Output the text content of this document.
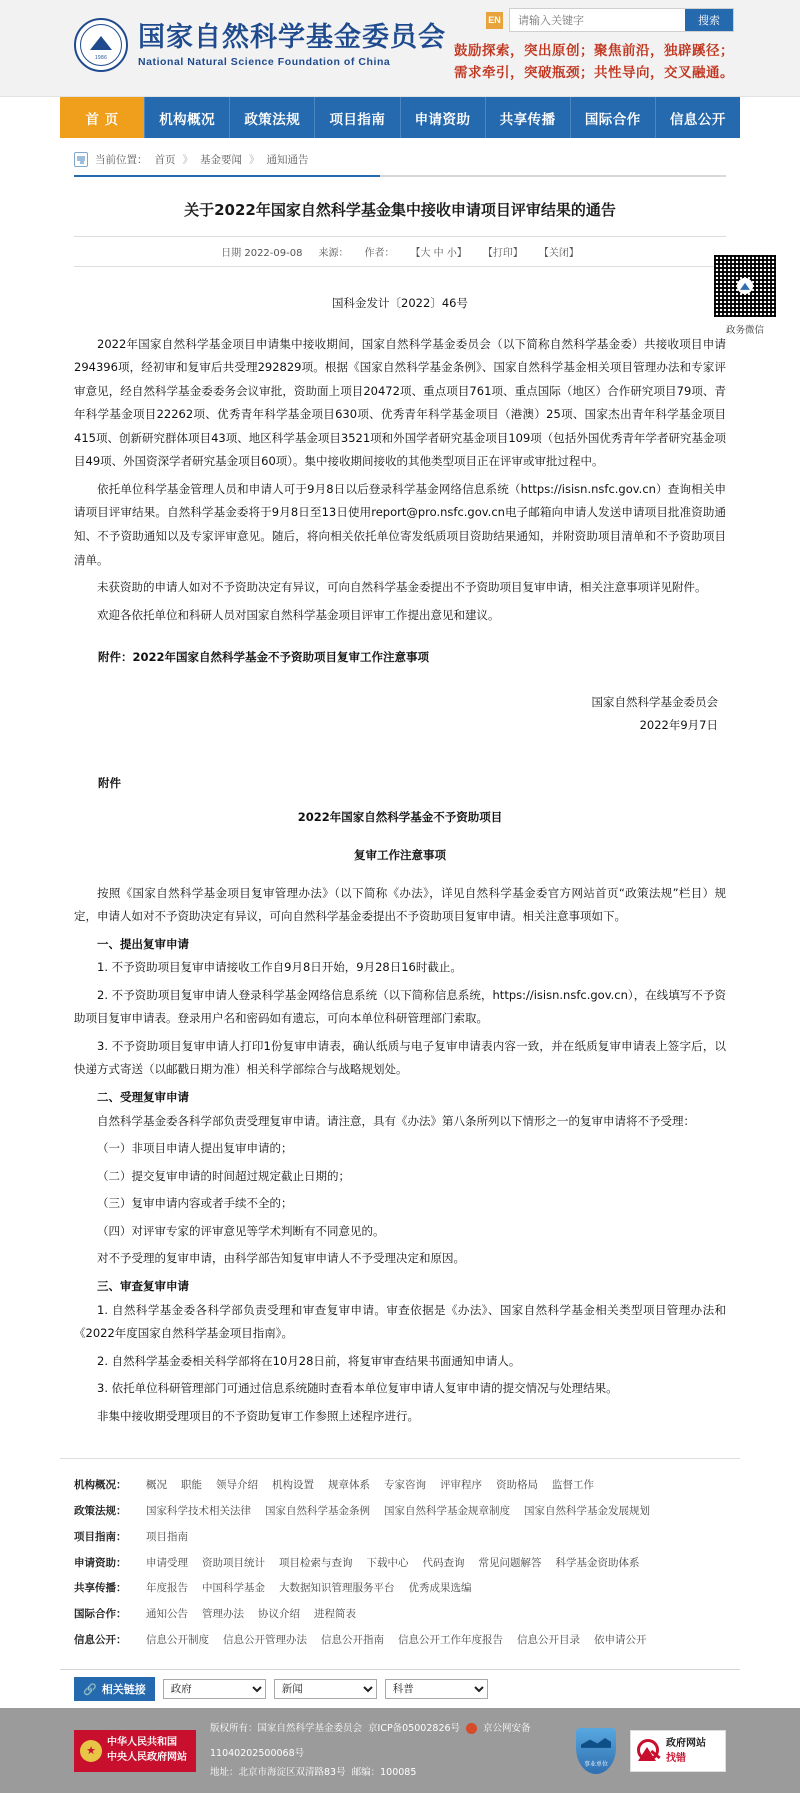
1986
国家自然科学基金委员会
National Natural Science Foundation of China
EN
请输入关键字	搜索
鼓励探索，突出原创；聚焦前沿，独辟蹊径；
需求牵引，突破瓶颈；共性导向，交叉融通。
首 页	机构概况	政策法规	项目指南	申请资助	共享传播	国际合作	信息公开
当前位置： 首页 》 基金要闻 》 通知通告
政务微信
关于2022年国家自然科学基金集中接收申请项目评审结果的通告
日期 2022-09-08 来源： 作者： 【大 中 小】 【打印】 【关闭】
国科金发计〔2022〕46号

2022年国家自然科学基金项目申请集中接收期间，国家自然科学基金委员会（以下简称自然科学基金委）共接收项目申请294396项，经初审和复审后共受理292829项。根据《国家自然科学基金条例》、国家自然科学基金相关项目管理办法和专家评审意见，经自然科学基金委委务会议审批，资助面上项目20472项、重点项目761项、重点国际（地区）合作研究项目79项、青年科学基金项目22262项、优秀青年科学基金项目630项、优秀青年科学基金项目（港澳）25项、国家杰出青年科学基金项目415项、创新研究群体项目43项、地区科学基金项目3521项和外国学者研究基金项目109项（包括外国优秀青年学者研究基金项目49项、外国资深学者研究基金项目60项）。集中接收期间接收的其他类型项目正在评审或审批过程中。

依托单位科学基金管理人员和申请人可于9月8日以后登录科学基金网络信息系统（https://isisn.nsfc.gov.cn）查询相关申请项目评审结果。自然科学基金委将于9月8日至13日使用report@pro.nsfc.gov.cn电子邮箱向申请人发送申请项目批准资助通知、不予资助通知以及专家评审意见。随后，将向相关依托单位寄发纸质项目资助结果通知，并附资助项目清单和不予资助项目清单。

未获资助的申请人如对不予资助决定有异议，可向自然科学基金委提出不予资助项目复审申请，相关注意事项详见附件。

欢迎各依托单位和科研人员对国家自然科学基金项目评审工作提出意见和建议。

附件：2022年国家自然科学基金不予资助项目复审工作注意事项
国家自然科学基金委员会
2022年9月7日
附件
2022年国家自然科学基金不予资助项目
复审工作注意事项
按照《国家自然科学基金项目复审管理办法》（以下简称《办法》，详见自然科学基金委官方网站首页“政策法规”栏目）规定，申请人如对不予资助决定有异议，可向自然科学基金委提出不予资助项目复审申请。相关注意事项如下。
一、提出复审申请

1. 不予资助项目复审申请接收工作自9月8日开始，9月28日16时截止。

2. 不予资助项目复审申请人登录科学基金网络信息系统（以下简称信息系统，https://isisn.nsfc.gov.cn），在线填写不予资助项目复审申请表。登录用户名和密码如有遗忘，可向本单位科研管理部门索取。

3. 不予资助项目复审申请人打印1份复审申请表，确认纸质与电子复审申请表内容一致，并在纸质复审申请表上签字后，以快递方式寄送（以邮戳日期为准）相关科学部综合与战略规划处。

二、受理复审申请

自然科学基金委各科学部负责受理复审申请。请注意，具有《办法》第八条所列以下情形之一的复审申请将不予受理：

（一）非项目申请人提出复审申请的；

（二）提交复审申请的时间超过规定截止日期的；

（三）复审申请内容或者手续不全的；

（四）对评审专家的评审意见等学术判断有不同意见的。

对不予受理的复审申请，由科学部告知复审申请人不予受理决定和原因。

三、审查复审申请

1. 自然科学基金委各科学部负责受理和审查复审申请。审查依据是《办法》、国家自然科学基金相关类型项目管理办法和《2022年度国家自然科学基金项目指南》。

2. 自然科学基金委相关科学部将在10月28日前，将复审审查结果书面通知申请人。

3. 依托单位科研管理部门可通过信息系统随时查看本单位复审申请人复审申请的提交情况与处理结果。

非集中接收期受理项目的不予资助复审工作参照上述程序进行。

机构概况：	概况 职能 领导介绍 机构设置 规章体系 专家咨询 评审程序 资助格局 监督工作
政策法规：	国家科学技术相关法律 国家自然科学基金条例 国家自然科学基金规章制度 国家自然科学基金发展规划
项目指南：	项目指南
申请资助：	申请受理 资助项目统计 项目检索与查询 下载中心 代码查询 常见问题解答 科学基金资助体系
共享传播：	年度报告 中国科学基金 大数据知识管理服务平台 优秀成果选编
国际合作：	通知公告 管理办法 协议介绍 进程简表
信息公开：	信息公开制度 信息公开管理办法 信息公开指南 信息公开工作年度报告 信息公开目录 依申请公开
🔗 相关链接
政府
新闻
科普
★
中华人民共和国
中央人民政府网站
版权所有：国家自然科学基金委员会 京ICP备05002826号 京公网安备
11040202500068号
地址：北京市海淀区双清路83号 邮编：100085
事业单位
政府网站
找错
